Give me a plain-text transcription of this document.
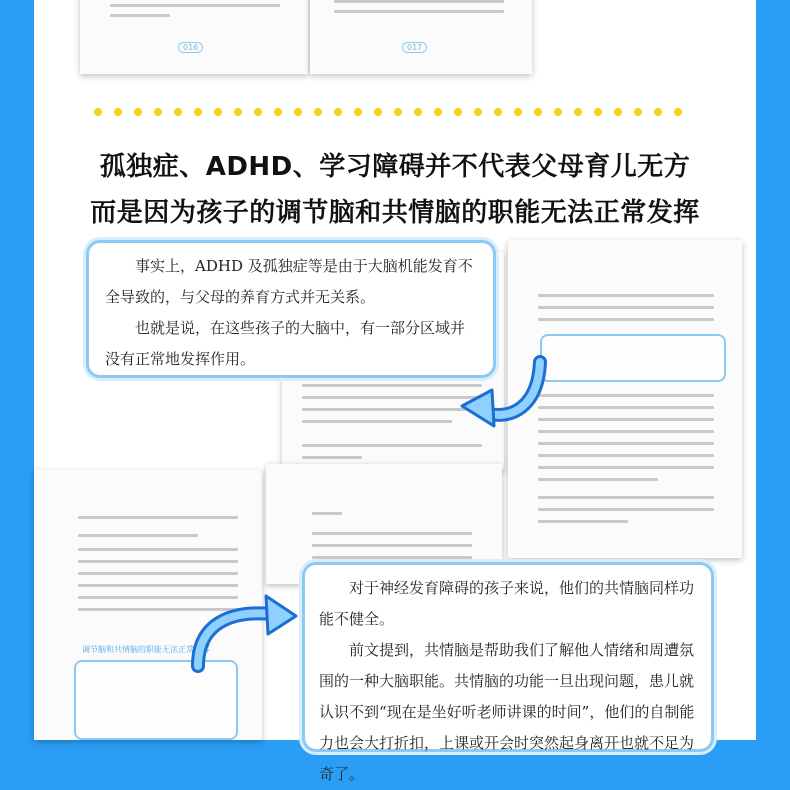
016	017
孤独症、ADHD、学习障碍并不代表父母育儿无方
而是因为孩子的调节脑和共情脑的职能无法正常发挥
调节脑和共情脑的职能无法正常发挥

事实上，ADHD 及孤独症等是由于大脑机能发育不全导致的，与父母的养育方式并无关系。

也就是说，在这些孩子的大脑中，有一部分区域并没有正常地发挥作用。

对于神经发育障碍的孩子来说，他们的共情脑同样功能不健全。

前文提到，共情脑是帮助我们了解他人情绪和周遭氛围的一种大脑职能。共情脑的功能一旦出现问题，患儿就认识不到“现在是坐好听老师讲课的时间”，他们的自制能力也会大打折扣，上课或开会时突然起身离开也就不足为奇了。
